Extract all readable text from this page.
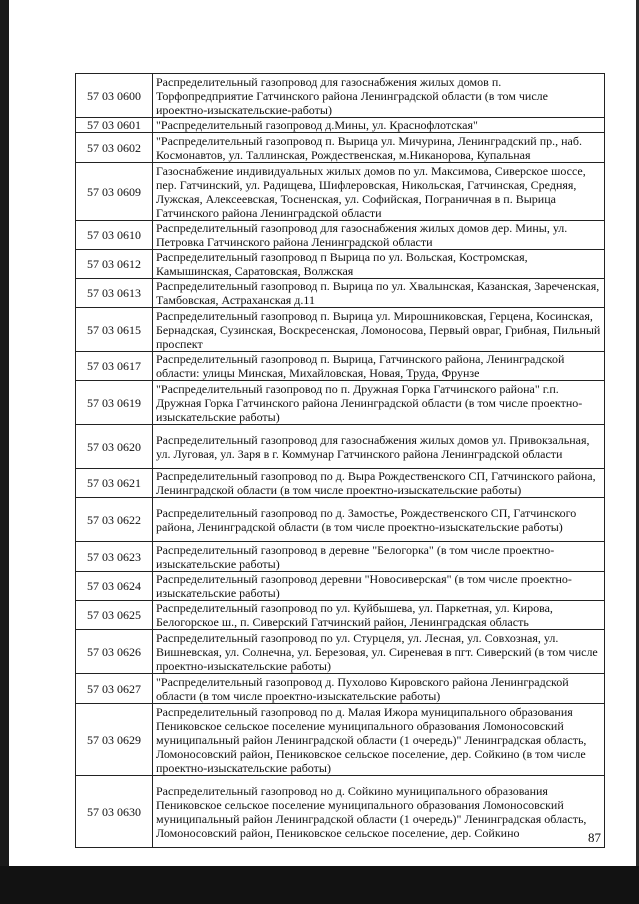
57 03 0600	Распределительный газопровод для газоснабжения жилых домов п. Торфопредприятие Гатчинского района Ленинградской области (в том числе ироектно-изыскательские-работы)
57 03 0601	"Распределительный газопровод д.Мины, ул. Краснофлотская"
57 03 0602	"Распределительный газопровод п. Вырица ул. Мичурина, Ленинградский пр., наб. Космонавтов, ул. Таллинская, Рождественская, м.Никанорова, Купальная
57 03 0609	Газоснабжение индивидуальных жилых домов по ул. Максимова, Сиверское шоссе, пер. Гатчинский, ул. Радищева, Шифлеровская, Никольская, Гатчинская, Средняя, Лужская, Алексеевская, Тосненская, ул. Софийская, Пограничная в п. Вырица Гатчинского района Ленинградской области
57 03 0610	Распределительный газопровод для газоснабжения жилых домов дер. Мины, ул. Петровка Гатчинского района Ленинградской области
57 03 0612	Распределительный газопровод п Вырица по ул. Вольская, Костромская, Камышинская, Саратовская, Волжская
57 03 0613	Распределительный газопровод п. Вырица по ул. Хвалынская, Казанская, Зареченская, Тамбовская, Астраханская д.11
57 03 0615	Распределительный газопровод п. Вырица ул. Мирошниковская, Герцена, Косинская, Бернадская, Сузинская, Воскресенская, Ломоносова, Первый овраг, Грибная, Пильный проспект
57 03 0617	Распределительный газопровод п. Вырица, Гатчинского района, Ленинградской области: улицы Минская, Михайловская, Новая, Труда, Фрунзе
57 03 0619	"Распределительный газопровод по п. Дружная Горка Гатчинского района" г.п. Дружная Горка Гатчинского района Ленинградской области (в том числе проектно-изыскательские работы)
57 03 0620	Распределительный газопровод для газоснабжения жилых домов ул. Привокзальная, ул. Луговая, ул. Заря в г. Коммунар Гатчинского района Ленинградской области
57 03 0621	Распределительный газопровод по д. Выра Рождественского СП, Гатчинского района, Ленинградской области (в том числе проектно-изыскательские работы)
57 03 0622	Распределительный газопровод по д. Замостье, Рождественского СП, Гатчинского района, Ленинградской области (в том числе проектно-изыскательские работы)
57 03 0623	Распределительный газопровод в деревне "Белогорка" (в том числе проектно-изыскательские работы)
57 03 0624	Распределительный газопровод деревни "Новосиверская" (в том числе проектно-изыскательские работы)
57 03 0625	Распределительный газопровод по ул. Куйбышева, ул. Паркетная, ул. Кирова, Белогорское ш., п. Сиверский Гатчинский район, Ленинградская область
57 03 0626	Распределительный газопровод по ул. Стурцеля, ул. Лесная, ул. Совхозная, ул. Вишневская, ул. Солнечна, ул. Березовая, ул. Сиреневая в пгт. Сиверский (в том числе проектно-изыскательские работы)
57 03 0627	"Распределительный газопровод д. Пухолово Кировского района Ленинградской области (в том числе проектно-изыскательские работы)
57 03 0629	Распределительный газопровод по д. Малая Ижора муниципального образования Пениковское сельское поселение муниципального образования Ломоносовский муниципальный район Ленинградской области (1 очередь)" Ленинградская область, Ломоносовский район, Пениковское сельское поселение, дер. Сойкино (в том числе проектно-изыскательские работы)
57 03 0630	Распределительный газопровод но д. Сойкино муниципального образования Пениковское сельское поселение муниципального образования Ломоносовский муниципальный район Ленинградской области (1 очередь)" Ленинградская область, Ломоносовский район, Пениковское сельское поселение, дер. Сойкино	87
